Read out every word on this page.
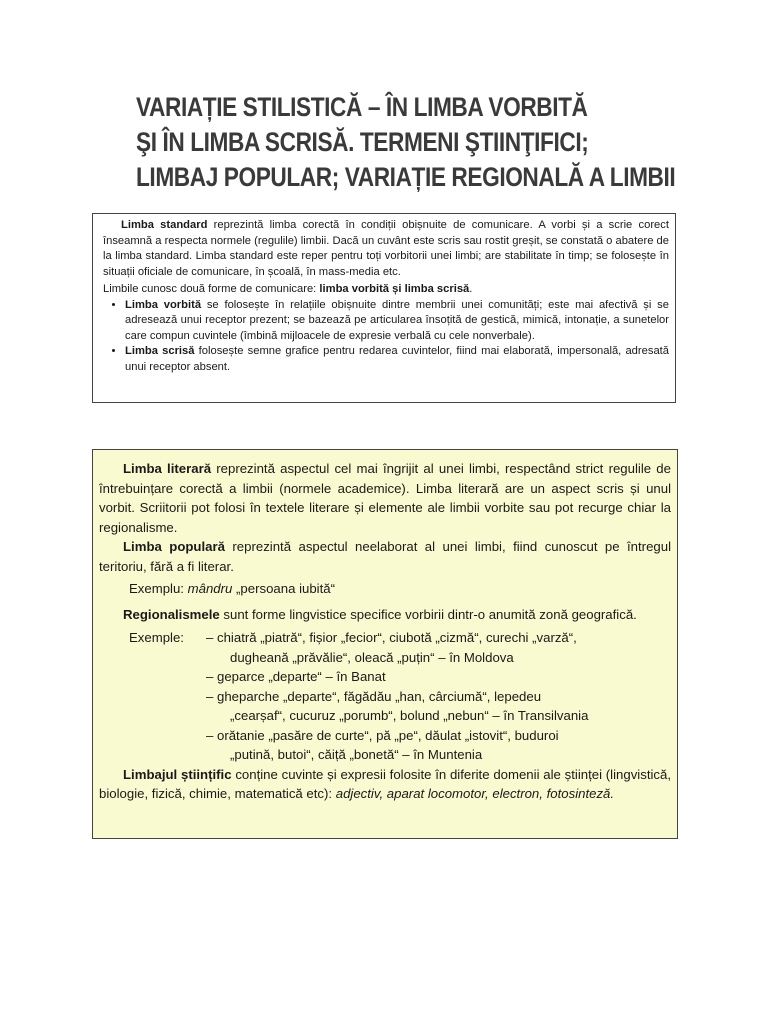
VARIAȚIE STILISTICĂ – ÎN LIMBA VORBITĂ
ŞI ÎN LIMBA SCRISĂ. TERMENI ŞTIINŢIFICI;
LIMBAJ POPULAR; VARIAȚIE REGIONALĂ A LIMBII

Limba standard reprezintă limba corectă în condiții obișnuite de comunicare. A vorbi și a scrie corect înseamnă a respecta normele (regulile) limbii. Dacă un cuvânt este scris sau rostit greșit, se constată o abatere de la limba standard. Limba standard este reper pentru toți vorbitorii unei limbi; are stabilitate în timp; se folosește în situații oficiale de comunicare, în școală, în mass-media etc.

Limbile cunosc două forme de comunicare: limba vorbită și limba scrisă.

• Limba vorbită se folosește în relațiile obișnuite dintre membrii unei comunități; este mai afectivă și se adresează unui receptor prezent; se bazează pe articularea însoțită de gestică, mimică, intonație, a sunetelor care compun cuvintele (îmbină mijloacele de expresie verbală cu cele nonverbale).
• Limba scrisă folosește semne grafice pentru redarea cuvintelor, fiind mai elaborată, impersonală, adresată unui receptor absent.

Limba literară reprezintă aspectul cel mai îngrijit al unei limbi, respectând strict regulile de întrebuințare corectă a limbii (normele academice). Limba literară are un aspect scris și unul vorbit. Scriitorii pot folosi în textele literare și elemente ale limbii vorbite sau pot recurge chiar la regionalisme.

Limba populară reprezintă aspectul neelaborat al unei limbi, fiind cunoscut pe întregul teritoriu, fără a fi literar.

Exemplu: mândru „persoana iubită“

Regionalismele sunt forme lingvistice specifice vorbirii dintr-o anumită zonă geografică.

Exemple:	– chiatră „piatră“, fișior „fecior“, ciubotă „cizmă“, curechi „varză“,
dugheană „prăvălie“, oleacă „puțin“ – în Moldova
– geparce „departe“ – în Banat
– gheparche „departe“, făgădău „han, cârciumă“, lepedeu
„cearșaf“, cucuruz „porumb“, bolund „nebun“ – în Transilvania
– orătanie „pasăre de curte“, pă „pe“, dăulat „istovit“, buduroi
„putină, butoi“, căiță „bonetă“ – în Muntenia

Limbajul științific conține cuvinte și expresii folosite în diferite domenii ale științei (lingvistică, biologie, fizică, chimie, matematică etc): adjectiv, aparat locomotor, electron, fotosinteză.
